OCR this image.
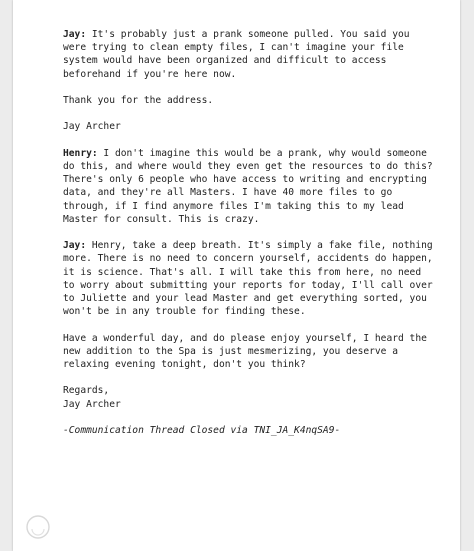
Jay: It's probably just a prank someone pulled. You said you
were trying to clean empty files, I can't imagine your file
system would have been organized and difficult to access
beforehand if you're here now.

Thank you for the address.

Jay Archer

Henry: I don't imagine this would be a prank, why would someone
do this, and where would they even get the resources to do this?
There's only 6 people who have access to writing and encrypting
data, and they're all Masters. I have 40 more files to go
through, if I find anymore files I'm taking this to my lead
Master for consult. This is crazy.

Jay: Henry, take a deep breath. It's simply a fake file, nothing
more. There is no need to concern yourself, accidents do happen,
it is science. That's all. I will take this from here, no need
to worry about submitting your reports for today, I'll call over
to Juliette and your lead Master and get everything sorted, you
won't be in any trouble for finding these.

Have a wonderful day, and do please enjoy yourself, I heard the
new addition to the Spa is just mesmerizing, you deserve a
relaxing evening tonight, don't you think?

Regards,
Jay Archer

-Communication Thread Closed via TNI_JA_K4nqSA9-
